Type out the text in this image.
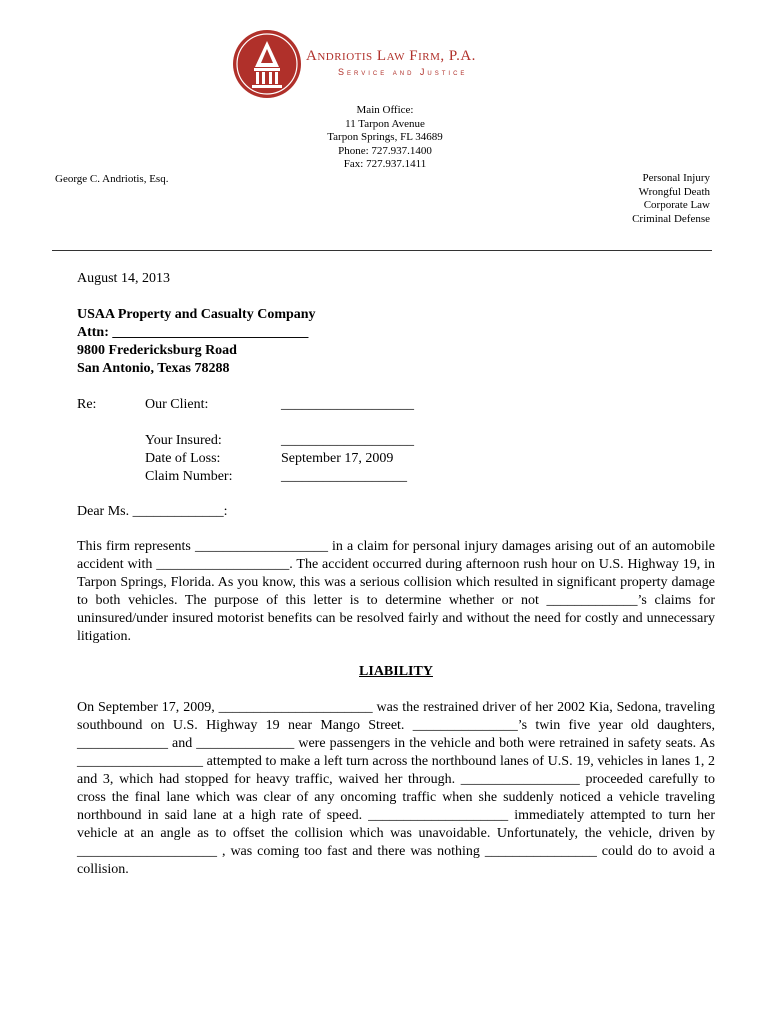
Andriotis Law Firm, P.A.
Service and Justice
Main Office:
11 Tarpon Avenue
Tarpon Springs, FL 34689
Phone: 727.937.1400
Fax: 727.937.1411
George C. Andriotis, Esq.	Personal Injury
Wrongful Death
Corporate Law
Criminal Defense
August 14, 2013
USAA Property and Casualty Company
Attn: ____________________________
9800 Fredericksburg Road
San Antonio, Texas 78288
Re:	Our Client:
Your Insured:
Date of Loss:
Claim Number:
___________________
___________________
September 17, 2009
__________________
Dear Ms. _____________:
This firm represents ___________________ in a claim for personal injury damages arising out of an automobile accident with ___________________. The accident occurred during afternoon rush hour on U.S. Highway 19, in Tarpon Springs, Florida. As you know, this was a serious collision which resulted in significant property damage to both vehicles. The purpose of this letter is to determine whether or not _____________’s claims for uninsured/under insured motorist benefits can be resolved fairly and without the need for costly and unnecessary litigation.
LIABILITY
On September 17, 2009, ______________________ was the restrained driver of her 2002 Kia, Sedona, traveling southbound on U.S. Highway 19 near Mango Street. _______________’s twin five year old daughters, _____________ and ______________ were passengers in the vehicle and both were retrained in safety seats. As __________________ attempted to make a left turn across the northbound lanes of U.S. 19, vehicles in lanes 1, 2 and 3, which had stopped for heavy traffic, waived her through. _________________ proceeded carefully to cross the final lane which was clear of any oncoming traffic when she suddenly noticed a vehicle traveling northbound in said lane at a high rate of speed. ____________________ immediately attempted to turn her vehicle at an angle as to offset the collision which was unavoidable. Unfortunately, the vehicle, driven by ____________________ , was coming too fast and there was nothing ________________ could do to avoid a collision.
